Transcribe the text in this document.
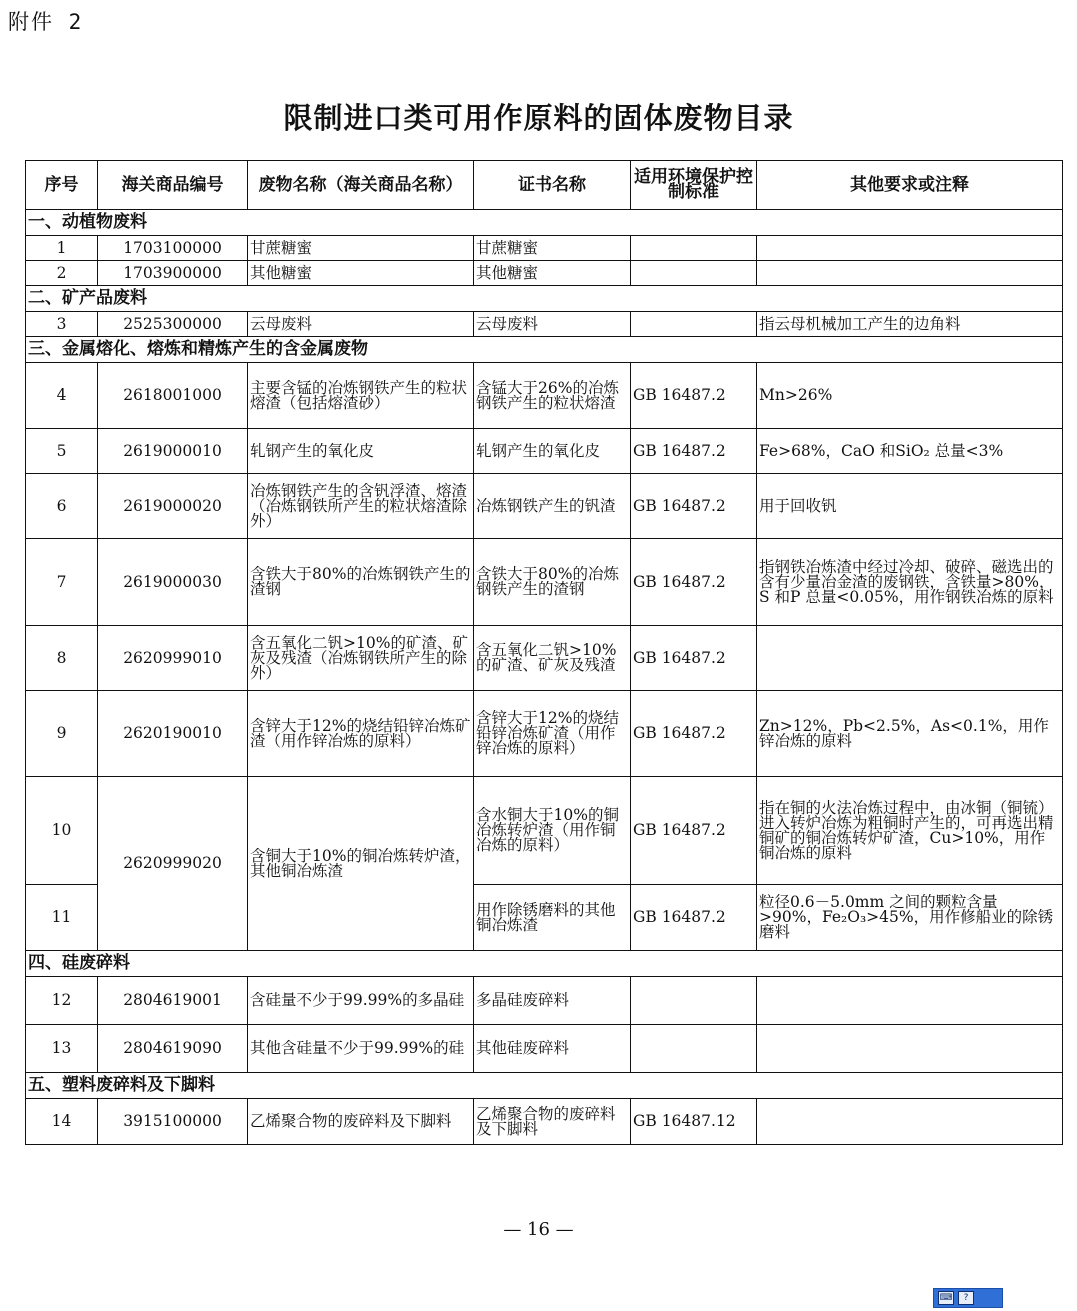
附件 2
限制进口类可用作原料的固体废物目录
序号	海关商品编号	废物名称（海关商品名称）	证书名称	适用环境保护控制标准	其他要求或注释
一、动植物废料					
1	1703100000	甘蔗糖蜜	甘蔗糖蜜		
2	1703900000	其他糖蜜	其他糖蜜		
二、矿产品废料					
3	2525300000	云母废料	云母废料		指云母机械加工产生的边角料
三、金属熔化、熔炼和精炼产生的含金属废物					
4	2618001000	主要含锰的冶炼钢铁产生的粒状熔渣（包括熔渣砂）	含锰大于26%的冶炼钢铁产生的粒状熔渣	GB 16487.2	Mn>26%
5	2619000010	轧钢产生的氧化皮	轧钢产生的氧化皮	GB 16487.2	Fe>68%，CaO 和SiO₂ 总量<3%
6	2619000020	冶炼钢铁产生的含钒浮渣、熔渣（冶炼钢铁所产生的粒状熔渣除外）	冶炼钢铁产生的钒渣	GB 16487.2	用于回收钒
7	2619000030	含铁大于80%的冶炼钢铁产生的渣钢	含铁大于80%的冶炼钢铁产生的渣钢	GB 16487.2	指钢铁冶炼渣中经过冷却、破碎、磁选出的含有少量冶金渣的废钢铁，含铁量>80%，S 和P 总量<0.05%，用作钢铁冶炼的原料
8	2620999010	含五氧化二钒>10%的矿渣、矿灰及残渣（冶炼钢铁所产生的除外）	含五氧化二钒>10%的矿渣、矿灰及残渣	GB 16487.2	
9	2620190010	含锌大于12%的烧结铅锌冶炼矿渣（用作锌冶炼的原料）	含锌大于12%的烧结铅锌冶炼矿渣（用作锌冶炼的原料）	GB 16487.2	Zn>12%，Pb<2.5%，As<0.1%，用作锌冶炼的原料
10	2620999020	含铜大于10%的铜冶炼转炉渣，其他铜冶炼渣	含水铜大于10%的铜冶炼转炉渣（用作铜冶炼的原料）	GB 16487.2	指在铜的火法冶炼过程中，由冰铜（铜锍）进入转炉冶炼为粗铜时产生的，可再选出精铜矿的铜冶炼转炉矿渣，Cu>10%，用作铜冶炼的原料
11			用作除锈磨料的其他铜冶炼渣	GB 16487.2	粒径0.6－5.0mm 之间的颗粒含量>90%，Fe₂O₃>45%，用作修船业的除锈磨料
四、硅废碎料					
12	2804619001	含硅量不少于99.99%的多晶硅	多晶硅废碎料		
13	2804619090	其他含硅量不少于99.99%的硅	其他硅废碎料		
五、塑料废碎料及下脚料					
14	3915100000	乙烯聚合物的废碎料及下脚料	乙烯聚合物的废碎料及下脚料	GB 16487.12	
— 16 —
⌨	?
